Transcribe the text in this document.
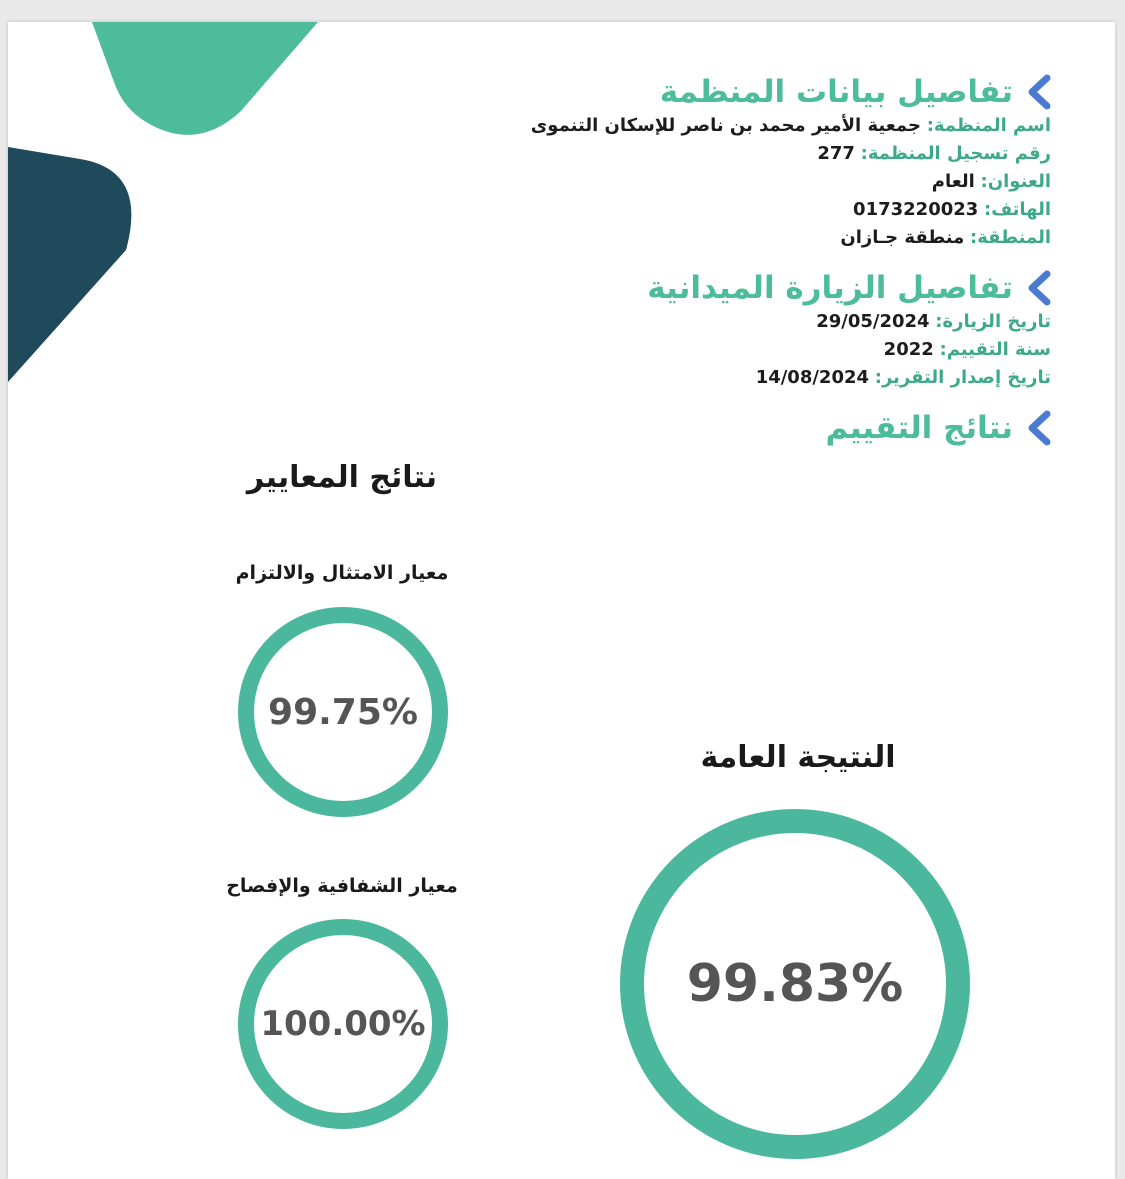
تفاصيل بيانات المنظمة
اسم المنظمة: جمعية الأمير محمد بن ناصر للإسكان التنموى
رقم تسجيل المنظمة: 277
العنوان: العام
الهاتف: 0173220023
المنطقة: منطقة جـازان
تفاصيل الزيارة الميدانية
تاريخ الزيارة: 29/05/2024
سنة التقييم: 2022
تاريخ إصدار التقرير: 14/08/2024
نتائج التقييم
نتائج المعايير
معيار الامتثال والالتزام
99.75%
معيار الشفافية والإفصاح
100.00%
النتيجة العامة
99.83%
